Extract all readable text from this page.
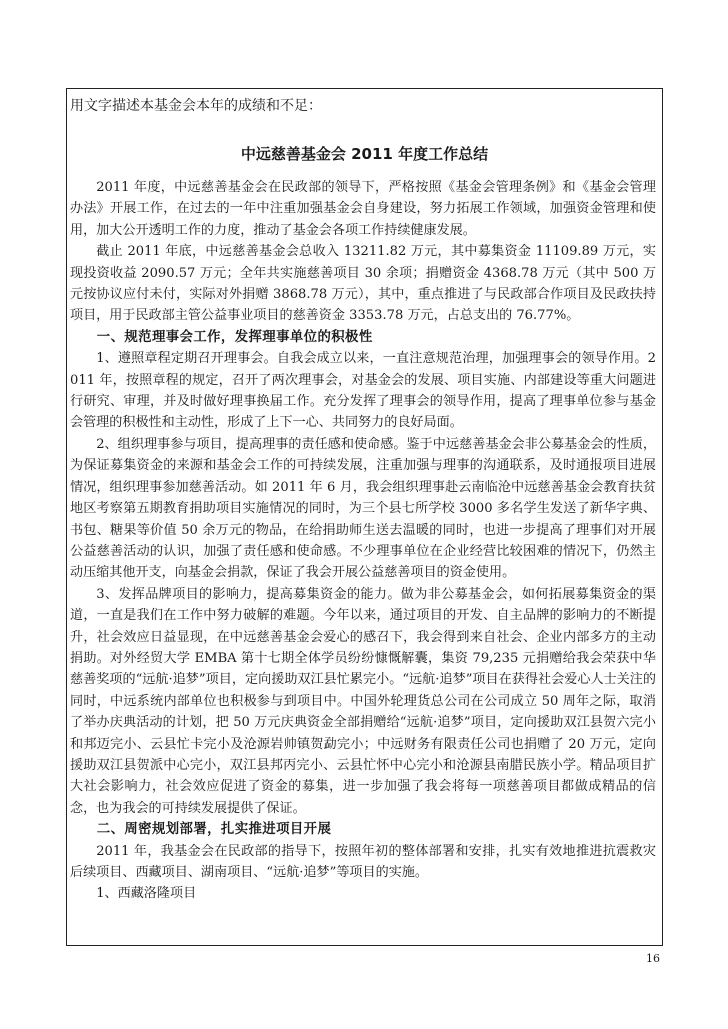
用文字描述本基金会本年的成绩和不足：
中远慈善基金会 2011 年度工作总结

2011 年度，中远慈善基金会在民政部的领导下，严格按照《基金会管理条例》和《基金会管理办法》开展工作，在过去的一年中注重加强基金会自身建设，努力拓展工作领域，加强资金管理和使用，加大公开透明工作的力度，推动了基金会各项工作持续健康发展。

截止 2011 年底，中远慈善基金会总收入 13211.82 万元，其中募集资金 11109.89 万元，实现投资收益 2090.57 万元；全年共实施慈善项目 30 余项；捐赠资金 4368.78 万元（其中 500 万元按协议应付未付，实际对外捐赠 3868.78 万元），其中，重点推进了与民政部合作项目及民政扶持项目，用于民政部主管公益事业项目的慈善资金 3353.78 万元，占总支出的 76.77%。

一、规范理事会工作，发挥理事单位的积极性

1、遵照章程定期召开理事会。自我会成立以来，一直注意规范治理，加强理事会的领导作用。2011 年，按照章程的规定，召开了两次理事会，对基金会的发展、项目实施、内部建设等重大问题进行研究、审理，并及时做好理事换届工作。充分发挥了理事会的领导作用，提高了理事单位参与基金会管理的积极性和主动性，形成了上下一心、共同努力的良好局面。

2、组织理事参与项目，提高理事的责任感和使命感。鉴于中远慈善基金会非公募基金会的性质，为保证募集资金的来源和基金会工作的可持续发展，注重加强与理事的沟通联系，及时通报项目进展情况，组织理事参加慈善活动。如 2011 年 6 月，我会组织理事赴云南临沧中远慈善基金会教育扶贫地区考察第五期教育捐助项目实施情况的同时，为三个县七所学校 3000 多名学生发送了新华字典、书包、糖果等价值 50 余万元的物品，在给捐助师生送去温暖的同时，也进一步提高了理事们对开展公益慈善活动的认识，加强了责任感和使命感。不少理事单位在企业经营比较困难的情况下，仍然主动压缩其他开支，向基金会捐款，保证了我会开展公益慈善项目的资金使用。

3、发挥品牌项目的影响力，提高募集资金的能力。做为非公募基金会，如何拓展募集资金的渠道，一直是我们在工作中努力破解的难题。今年以来，通过项目的开发、自主品牌的影响力的不断提升，社会效应日益显现，在中远慈善基金会爱心的感召下，我会得到来自社会、企业内部多方的主动捐助。对外经贸大学 EMBA 第十七期全体学员纷纷慷慨解囊，集资 79,235 元捐赠给我会荣获中华慈善奖项的“远航·追梦”项目，定向援助双江县忙累完小。“远航·追梦”项目在获得社会爱心人士关注的同时，中远系统内部单位也积极参与到项目中。中国外轮理货总公司在公司成立 50 周年之际，取消了举办庆典活动的计划，把 50 万元庆典资金全部捐赠给“远航·追梦”项目，定向援助双江县贺六完小和邦迈完小、云县忙卡完小及沧源岩帅镇贺勐完小；中远财务有限责任公司也捐赠了 20 万元，定向援助双江县贺派中心完小，双江县邦丙完小、云县忙怀中心完小和沧源县南腊民族小学。精品项目扩大社会影响力，社会效应促进了资金的募集，进一步加强了我会将每一项慈善项目都做成精品的信念，也为我会的可持续发展提供了保证。

二、周密规划部署，扎实推进项目开展

2011 年，我基金会在民政部的指导下，按照年初的整体部署和安排，扎实有效地推进抗震救灾后续项目、西藏项目、湖南项目、“远航·追梦”等项目的实施。

1、西藏洛隆项目

16
